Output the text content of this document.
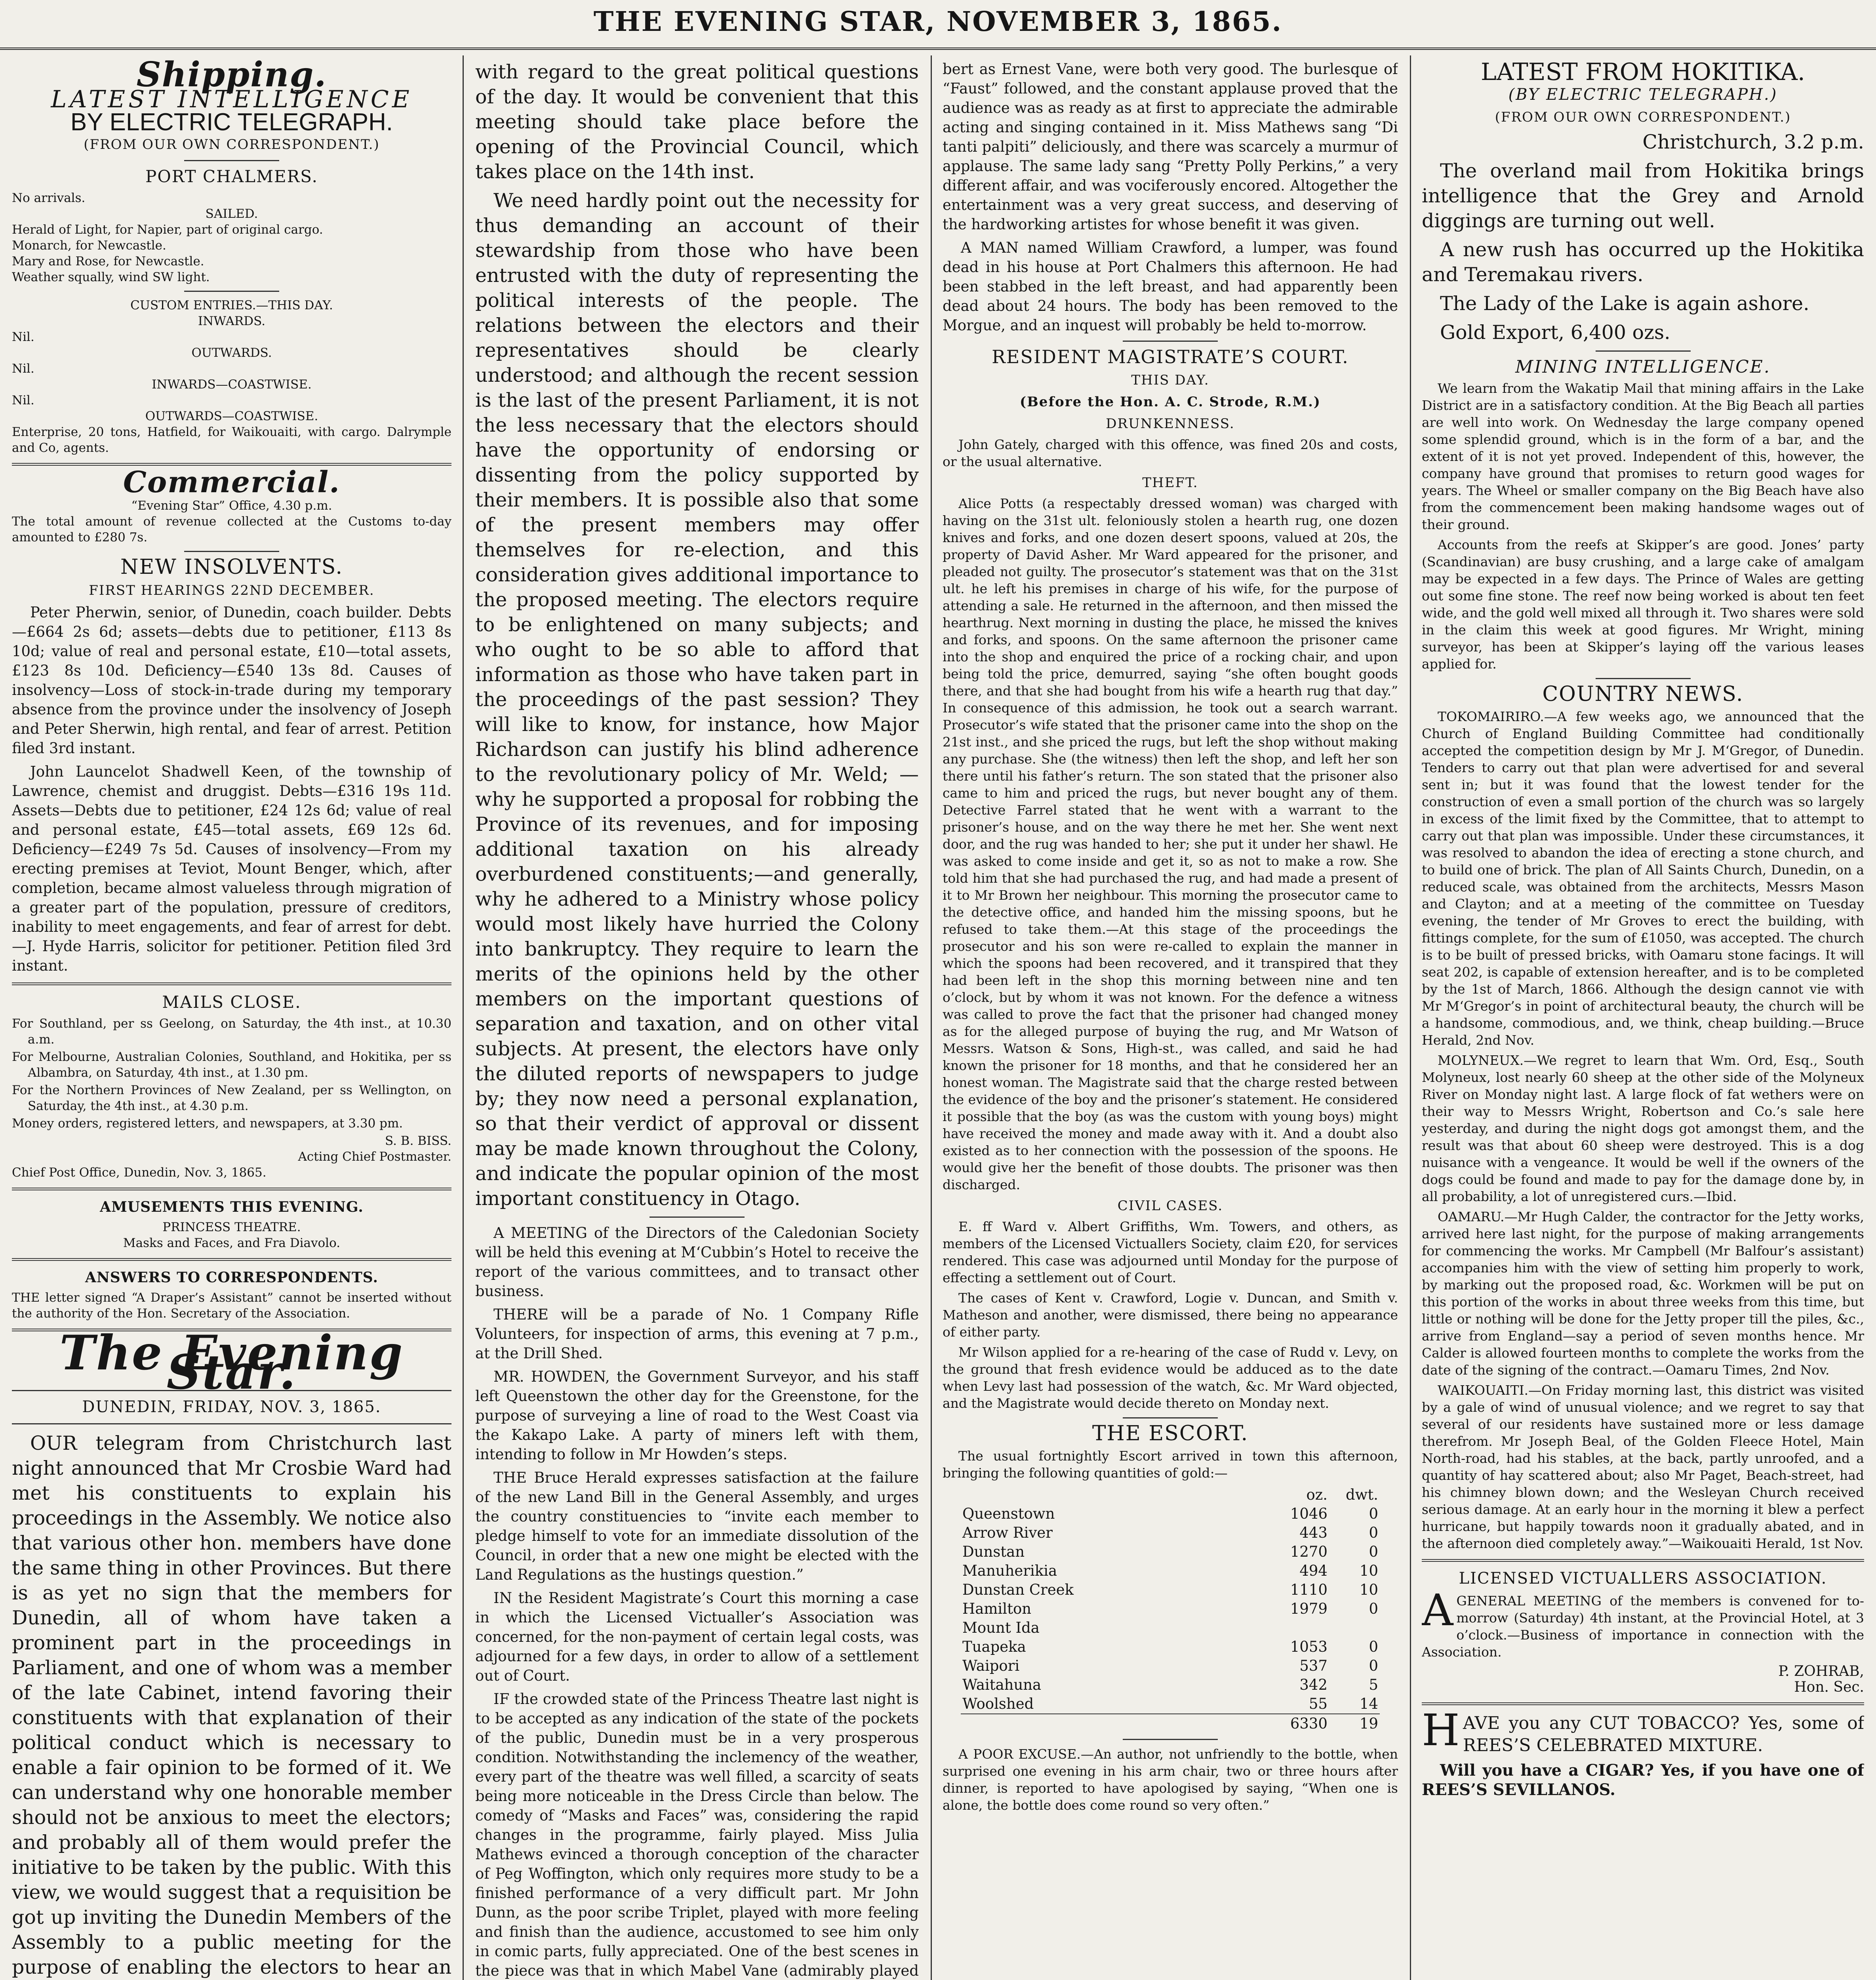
THE EVENING STAR, NOVEMBER 3, 1865.
Shipping.
LATEST INTELLIGENCE
BY ELECTRIC TELEGRAPH.
(FROM OUR OWN CORRESPONDENT.)
PORT CHALMERS.

No arrivals.

SAILED.

Herald of Light, for Napier, part of original cargo.

Monarch, for Newcastle.

Mary and Rose, for Newcastle.

Weather squally, wind SW light.

CUSTOM ENTRIES.—THIS DAY.

INWARDS.

Nil.

OUTWARDS.

Nil.

INWARDS—COASTWISE.

Nil.

OUTWARDS—COASTWISE.

Enterprise, 20 tons, Hatfield, for Waikouaiti, with cargo. Dalrymple and Co, agents.

Commercial.

“Evening Star” Office, 4.30 p.m.

The total amount of revenue collected at the Customs to-day amounted to £280 7s.

NEW INSOLVENTS.
FIRST HEARINGS 22ND DECEMBER.

Peter Pherwin, senior, of Dunedin, coach builder. Debts—£664 2s 6d; assets—debts due to petitioner, £113 8s 10d; value of real and personal estate, £10—total assets, £123 8s 10d. Deficiency—£540 13s 8d. Causes of insolvency—Loss of stock-in-trade during my temporary absence from the province under the insolvency of Joseph and Peter Sherwin, high rental, and fear of arrest. Petition filed 3rd instant.

John Launcelot Shadwell Keen, of the township of Lawrence, chemist and druggist. Debts—£316 19s 11d. Assets—Debts due to petitioner, £24 12s 6d; value of real and personal estate, £45—total assets, £69 12s 6d. Deficiency—£249 7s 5d. Causes of insolvency—From my erecting premises at Teviot, Mount Benger, which, after completion, became almost valueless through migration of a greater part of the population, pressure of creditors, inability to meet engagements, and fear of arrest for debt.—J. Hyde Harris, solicitor for petitioner. Petition filed 3rd instant.

MAILS CLOSE.

For Southland, per ss Geelong, on Saturday, the 4th inst., at 10.30 a.m.

For Melbourne, Australian Colonies, Southland, and Hokitika, per ss Albambra, on Saturday, 4th inst., at 1.30 pm.

For the Northern Provinces of New Zealand, per ss Wellington, on Saturday, the 4th inst., at 4.30 p.m.

Money orders, registered letters, and newspapers, at 3.30 pm.

S. B. BISS.

Acting Chief Postmaster.

Chief Post Office, Dunedin, Nov. 3, 1865.

AMUSEMENTS THIS EVENING.

PRINCESS THEATRE.

Masks and Faces, and Fra Diavolo.

ANSWERS TO CORRESPONDENTS.

THE letter signed “A Draper’s Assistant” cannot be inserted without the authority of the Hon. Secretary of the Association.

The Evening Star.
DUNEDIN, FRIDAY, NOV. 3, 1865.

OUR telegram from Christchurch last night announced that Mr Crosbie Ward had met his constituents to explain his proceedings in the Assembly. We notice also that various other hon. members have done the same thing in other Provinces. But there is as yet no sign that the members for Dunedin, all of whom have taken a prominent part in the proceedings in Parliament, and one of whom was a member of the late Cabinet, intend favoring their constituents with that explanation of their political conduct which is necessary to enable a fair opinion to be formed of it. We can understand why one honorable member should not be anxious to meet the electors; and probably all of them would prefer the initiative to be taken by the public. With this view, we would suggest that a requisition be got up inviting the Dunedin Members of the Assembly to a public meeting for the purpose of enabling the electors to hear an

with regard to the great political questions of the day. It would be convenient that this meeting should take place before the opening of the Provincial Council, which takes place on the 14th inst.

We need hardly point out the necessity for thus demanding an account of their stewardship from those who have been entrusted with the duty of representing the political interests of the people. The relations between the electors and their representatives should be clearly understood; and although the recent session is the last of the present Parliament, it is not the less necessary that the electors should have the opportunity of endorsing or dissenting from the policy supported by their members. It is possible also that some of the present members may offer themselves for re-election, and this consideration gives additional importance to the proposed meeting. The electors require to be enlightened on many subjects; and who ought to be so able to afford that information as those who have taken part in the proceedings of the past session? They will like to know, for instance, how Major Richardson can justify his blind adherence to the revolutionary policy of Mr. Weld; —why he supported a proposal for robbing the Province of its revenues, and for imposing additional taxation on his already overburdened constituents;—and generally, why he adhered to a Ministry whose policy would most likely have hurried the Colony into bankruptcy. They require to learn the merits of the opinions held by the other members on the important questions of separation and taxation, and on other vital subjects. At present, the electors have only the diluted reports of newspapers to judge by; they now need a personal explanation, so that their verdict of approval or dissent may be made known throughout the Colony, and indicate the popular opinion of the most important constituency in Otago.

A MEETING of the Directors of the Caledonian Society will be held this evening at M‘Cubbin’s Hotel to receive the report of the various committees, and to transact other business.

THERE will be a parade of No. 1 Company Rifle Volunteers, for inspection of arms, this evening at 7 p.m., at the Drill Shed.

MR. HOWDEN, the Government Surveyor, and his staff left Queenstown the other day for the Greenstone, for the purpose of surveying a line of road to the West Coast via the Kakapo Lake. A party of miners left with them, intending to follow in Mr Howden’s steps.

THE Bruce Herald expresses satisfaction at the failure of the new Land Bill in the General Assembly, and urges the country constituencies to “invite each member to pledge himself to vote for an immediate dissolution of the Council, in order that a new one might be elected with the Land Regulations as the hustings question.”

IN the Resident Magistrate’s Court this morning a case in which the Licensed Victualler’s Association was concerned, for the non-payment of certain legal costs, was adjourned for a few days, in order to allow of a settlement out of Court.

IF the crowded state of the Princess Theatre last night is to be accepted as any indication of the state of the pockets of the public, Dunedin must be in a very prosperous condition. Notwithstanding the inclemency of the weather, every part of the theatre was well filled, a scarcity of seats being more noticeable in the Dress Circle than below. The comedy of “Masks and Faces” was, considering the rapid changes in the programme, fairly played. Miss Julia Mathews evinced a thorough conception of the character of Peg Woffington, which only requires more study to be a finished performance of a very difficult part. Mr John Dunn, as the poor scribe Triplet, played with more feeling and finish than the audience, accustomed to see him only in comic parts, fully appreciated. One of the best scenes in the piece was that in which Mabel Vane (admirably played

bert as Ernest Vane, were both very good. The burlesque of “Faust” followed, and the constant applause proved that the audience was as ready as at first to appreciate the admirable acting and singing contained in it. Miss Mathews sang “Di tanti palpiti” deliciously, and there was scarcely a murmur of applause. The same lady sang “Pretty Polly Perkins,” a very different affair, and was vociferously encored. Altogether the entertainment was a very great success, and deserving of the hardworking artistes for whose benefit it was given.

A MAN named William Crawford, a lumper, was found dead in his house at Port Chalmers this afternoon. He had been stabbed in the left breast, and had apparently been dead about 24 hours. The body has been removed to the Morgue, and an inquest will probably be held to-morrow.

RESIDENT MAGISTRATE’S COURT.
THIS DAY.
(Before the Hon. A. C. Strode, R.M.)
DRUNKENNESS.

John Gately, charged with this offence, was fined 20s and costs, or the usual alternative.

THEFT.

Alice Potts (a respectably dressed woman) was charged with having on the 31st ult. feloniously stolen a hearth rug, one dozen knives and forks, and one dozen desert spoons, valued at 20s, the property of David Asher. Mr Ward appeared for the prisoner, and pleaded not guilty. The prosecutor’s statement was that on the 31st ult. he left his premises in charge of his wife, for the purpose of attending a sale. He returned in the afternoon, and then missed the hearthrug. Next morning in dusting the place, he missed the knives and forks, and spoons. On the same afternoon the prisoner came into the shop and enquired the price of a rocking chair, and upon being told the price, demurred, saying “she often bought goods there, and that she had bought from his wife a hearth rug that day.” In consequence of this admission, he took out a search warrant. Prosecutor’s wife stated that the prisoner came into the shop on the 21st inst., and she priced the rugs, but left the shop without making any purchase. She (the witness) then left the shop, and left her son there until his father’s return. The son stated that the prisoner also came to him and priced the rugs, but never bought any of them. Detective Farrel stated that he went with a warrant to the prisoner’s house, and on the way there he met her. She went next door, and the rug was handed to her; she put it under her shawl. He was asked to come inside and get it, so as not to make a row. She told him that she had purchased the rug, and had made a present of it to Mr Brown her neighbour. This morning the prosecutor came to the detective office, and handed him the missing spoons, but he refused to take them.—At this stage of the proceedings the prosecutor and his son were re-called to explain the manner in which the spoons had been recovered, and it transpired that they had been left in the shop this morning between nine and ten o’clock, but by whom it was not known. For the defence a witness was called to prove the fact that the prisoner had changed money as for the alleged purpose of buying the rug, and Mr Watson of Messrs. Watson & Sons, High-st., was called, and said he had known the prisoner for 18 months, and that he considered her an honest woman. The Magistrate said that the charge rested between the evidence of the boy and the prisoner’s statement. He considered it possible that the boy (as was the custom with young boys) might have received the money and made away with it. And a doubt also existed as to her connection with the possession of the spoons. He would give her the benefit of those doubts. The prisoner was then discharged.

CIVIL CASES.

E. ff Ward v. Albert Griffiths, Wm. Towers, and others, as members of the Licensed Victuallers Society, claim £20, for services rendered. This case was adjourned until Monday for the purpose of effecting a settlement out of Court.

The cases of Kent v. Crawford, Logie v. Duncan, and Smith v. Matheson and another, were dismissed, there being no appearance of either party.

Mr Wilson applied for a re-hearing of the case of Rudd v. Levy, on the ground that fresh evidence would be adduced as to the date when Levy last had possession of the watch, &c. Mr Ward objected, and the Magistrate would decide thereto on Monday next.

THE ESCORT.

The usual fortnightly Escort arrived in town this afternoon, bringing the following quantities of gold:—

	oz.	dwt.
Queenstown	1046	0
Arrow River	443	0
Dunstan	1270	0
Manuherikia	494	10
Dunstan Creek	1110	10
Hamilton	1979	0
Mount Ida		
Tuapeka	1053	0
Waipori	537	0
Waitahuna	342	5
Woolshed	55	14
	6330	19

A POOR EXCUSE.—An author, not unfriendly to the bottle, when surprised one evening in his arm chair, two or three hours after dinner, is reported to have apologised by saying, “When one is alone, the bottle does come round so very often.”

LATEST FROM HOKITIKA.
(BY ELECTRIC TELEGRAPH.)
(FROM OUR OWN CORRESPONDENT.)

Christchurch, 3.2 p.m.

The overland mail from Hokitika brings intelligence that the Grey and Arnold diggings are turning out well.

A new rush has occurred up the Hokitika and Teremakau rivers.

The Lady of the Lake is again ashore.

Gold Export, 6,400 ozs.

MINING INTELLIGENCE.

We learn from the Wakatip Mail that mining affairs in the Lake District are in a satisfactory condition. At the Big Beach all parties are well into work. On Wednesday the large company opened some splendid ground, which is in the form of a bar, and the extent of it is not yet proved. Independent of this, however, the company have ground that promises to return good wages for years. The Wheel or smaller company on the Big Beach have also from the commencement been making handsome wages out of their ground.

Accounts from the reefs at Skipper’s are good. Jones’ party (Scandinavian) are busy crushing, and a large cake of amalgam may be expected in a few days. The Prince of Wales are getting out some fine stone. The reef now being worked is about ten feet wide, and the gold well mixed all through it. Two shares were sold in the claim this week at good figures. Mr Wright, mining surveyor, has been at Skipper’s laying off the various leases applied for.

COUNTRY NEWS.

TOKOMAIRIRO.—A few weeks ago, we announced that the Church of England Building Committee had conditionally accepted the competition design by Mr J. M‘Gregor, of Dunedin. Tenders to carry out that plan were advertised for and several sent in; but it was found that the lowest tender for the construction of even a small portion of the church was so largely in excess of the limit fixed by the Committee, that to attempt to carry out that plan was impossible. Under these circumstances, it was resolved to abandon the idea of erecting a stone church, and to build one of brick. The plan of All Saints Church, Dunedin, on a reduced scale, was obtained from the architects, Messrs Mason and Clayton; and at a meeting of the committee on Tuesday evening, the tender of Mr Groves to erect the building, with fittings complete, for the sum of £1050, was accepted. The church is to be built of pressed bricks, with Oamaru stone facings. It will seat 202, is capable of extension hereafter, and is to be completed by the 1st of March, 1866. Although the design cannot vie with Mr M‘Gregor’s in point of architectural beauty, the church will be a handsome, commodious, and, we think, cheap building.—Bruce Herald, 2nd Nov.

MOLYNEUX.—We regret to learn that Wm. Ord, Esq., South Molyneux, lost nearly 60 sheep at the other side of the Molyneux River on Monday night last. A large flock of fat wethers were on their way to Messrs Wright, Robertson and Co.’s sale here yesterday, and during the night dogs got amongst them, and the result was that about 60 sheep were destroyed. This is a dog nuisance with a vengeance. It would be well if the owners of the dogs could be found and made to pay for the damage done by, in all probability, a lot of unregistered curs.—Ibid.

OAMARU.—Mr Hugh Calder, the contractor for the Jetty works, arrived here last night, for the purpose of making arrangements for commencing the works. Mr Campbell (Mr Balfour’s assistant) accompanies him with the view of setting him properly to work, by marking out the proposed road, &c. Workmen will be put on this portion of the works in about three weeks from this time, but little or nothing will be done for the Jetty proper till the piles, &c., arrive from England—say a period of seven months hence. Mr Calder is allowed fourteen months to complete the works from the date of the signing of the contract.—Oamaru Times, 2nd Nov.

WAIKOUAITI.—On Friday morning last, this district was visited by a gale of wind of unusual violence; and we regret to say that several of our residents have sustained more or less damage therefrom. Mr Joseph Beal, of the Golden Fleece Hotel, Main North-road, had his stables, at the back, partly unroofed, and a quantity of hay scattered about; also Mr Paget, Beach-street, had his chimney blown down; and the Wesleyan Church received serious damage. At an early hour in the morning it blew a perfect hurricane, but happily towards noon it gradually abated, and in the afternoon died completely away.”—Waikouaiti Herald, 1st Nov.

LICENSED VICTUALLERS ASSOCIATION.

AGENERAL MEETING of the members is convened for to-morrow (Saturday) 4th instant, at the Provincial Hotel, at 3 o’clock.—Business of importance in connection with the Association.

P. ZOHRAB,

Hon. Sec.

HAVE you any CUT TOBACCO? Yes, some of REES’S CELEBRATED MIXTURE.

Will you have a CIGAR? Yes, if you have one of REES’S SEVILLANOS.
